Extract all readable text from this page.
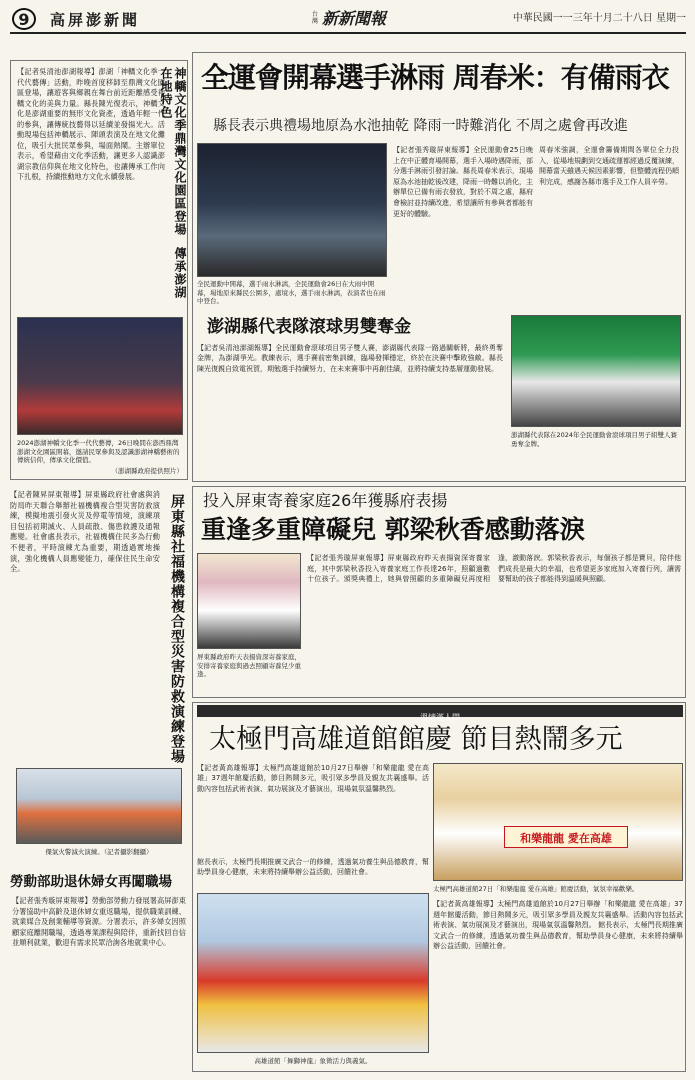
9	高屏澎新聞	台灣 新新聞報	中華民國一一三年十月二十八日 星期一
【記者吳清池澎湖報導】澎湖「神轎文化季一代代藝傳」活動，昨晚首度移師至鼎灣文化園區登場，讓遊客與鄉親在舞台前近距離感受神轎文化的美與力量。縣長陳光復表示，神轎文化是澎湖重要的無形文化資產，透過年輕一代的參與，讓傳統技藝得以延續並發揚光大。活動現場包括神轎展示、陣頭表演及在地文化攤位，吸引大批民眾參與，場面熱鬧。主辦單位表示，希望藉由文化季活動，讓更多人認識澎湖宗教信仰與在地文化特色，也讓傳承工作向下扎根，持續推動地方文化永續發展。	神轎文化季鼎灣文化園區登場 傳承澎湖在地特色
2024澎湖神轎文化季一代代藝傳，26日晚間在澎西鼎灣澎湖文化園區開幕，邀請民眾參與及認識澎湖神轎藝術的傳統信仰，傳承文化價值。
（澎湖縣政府提供照片）
全運會開幕選手淋雨 周春米：有備雨衣
縣長表示典禮場地原為水池抽乾 降雨一時難消化 不周之處會再改進
全民運動中開幕，選手雨水淋漓，全民運動會26日在大雨中開幕，場地原來縣民公園多，處境水，選手雨水淋漓，表演者也在雨中登台。
【記者張秀璇屏東報導】全民運動會25日晚上在中正體育場開幕，選手入場時遇降雨，部分選手淋雨引發討論。縣長周春米表示，現場原為水池抽乾後改建，降雨一時難以消化，主辦單位已備有雨衣發放，對於不周之處，縣府會檢討並持續改進，希望讓所有參與者都能有更好的體驗。
周春米強調，全運會籌備期間各單位全力投入，從場地規劃到交通疏運都經過反覆演練，開幕當天雖遇天候因素影響，但整體流程仍順利完成，感謝各縣市選手及工作人員辛勞。
澎湖縣代表隊滾球男雙奪金
【記者吳清池澎湖報導】全民運動會滾球項目男子雙人賽，澎湖縣代表隊一路過關斬將，最終勇奪金牌，為澎湖爭光。教練表示，選手賽前密集訓練，臨場發揮穩定，終於在決賽中擊敗強敵。縣長陳光復親自致電祝賀，期勉選手持續努力，在未來賽事中再創佳績，並將持續支持基層運動發展。
澎湖縣代表隊在2024年全民運動會滾球項目男子組雙人賽勇奪金牌。
投入屏東寄養家庭26年獲縣府表揚
重逢多重障礙兒 郭梁秋香感動落淚
屏東縣政府昨天表揚資深寄養家庭，安排寄養家庭與過去照顧寄養兒少重逢。
【記者張秀璇屏東報導】屏東縣政府昨天表揚資深寄養家庭，其中郭梁秋香投入寄養家庭工作長達26年，照顧過數十位孩子。頒獎典禮上，她與曾照顧的多重障礙兒再度相逢，激動落淚。郭梁秋香表示，每個孩子都是寶貝，陪伴他們成長是最大的幸福，也希望更多家庭加入寄養行列，讓需要幫助的孩子都能得到溫暖與照顧。
【記者陳昇屏東報導】屏東縣政府社會處與消防局昨天聯合舉辦社福機構複合型災害防救演練，模擬地震引發火災及停電等情境，演練項目包括初期滅火、人員疏散、傷患救護及通報應變。社會處長表示，社福機構住民多為行動不便者，平時演練尤為重要，期透過實地操演，強化機構人員應變能力，確保住民生命安全。	屏東縣社福機構複合型災害防救演練登場
傑氣火警減火演練。（記者攝影翻攝）
勞動部助退休婦女再闖職場
【記者張秀璇屏東報導】勞動部勞動力發展署高屏澎東分署協助中高齡及退休婦女重返職場，提供職業訓練、就業媒合及創業輔導等資源。分署表示，許多婦女因照顧家庭離開職場，透過專業課程與陪伴，重新找回自信並順利就業，歡迎有需求民眾洽詢各地就業中心。
溫情滿人間
太極門高雄道館館慶 節目熱鬧多元
【記者黃高雄報導】太極門高雄道館於10月27日舉辦「和樂龍龍 愛在高雄」37週年館慶活動，節目熱鬧多元，吸引眾多學員及親友共襄盛舉。活動內容包括武術表演、氣功展演及才藝演出，現場氣氛溫馨熱烈。
和樂龍龍 愛在高雄
太極門高雄道館27日「和樂龍龍 愛在高雄」館慶活動，氣氛幸福歡樂。
館長表示，太極門長期推廣文武合一的修練，透過氣功養生與品德教育，幫助學員身心健康，未來將持續舉辦公益活動，回饋社會。
高雄道館「舞獅神龍」象徵活力與義氣。
【記者黃高雄報導】太極門高雄道館於10月27日舉辦「和樂龍龍 愛在高雄」37週年館慶活動，節目熱鬧多元，吸引眾多學員及親友共襄盛舉。活動內容包括武術表演、氣功展演及才藝演出，現場氣氛溫馨熱烈。 館長表示，太極門長期推廣文武合一的修練，透過氣功養生與品德教育，幫助學員身心健康，未來將持續舉辦公益活動，回饋社會。
